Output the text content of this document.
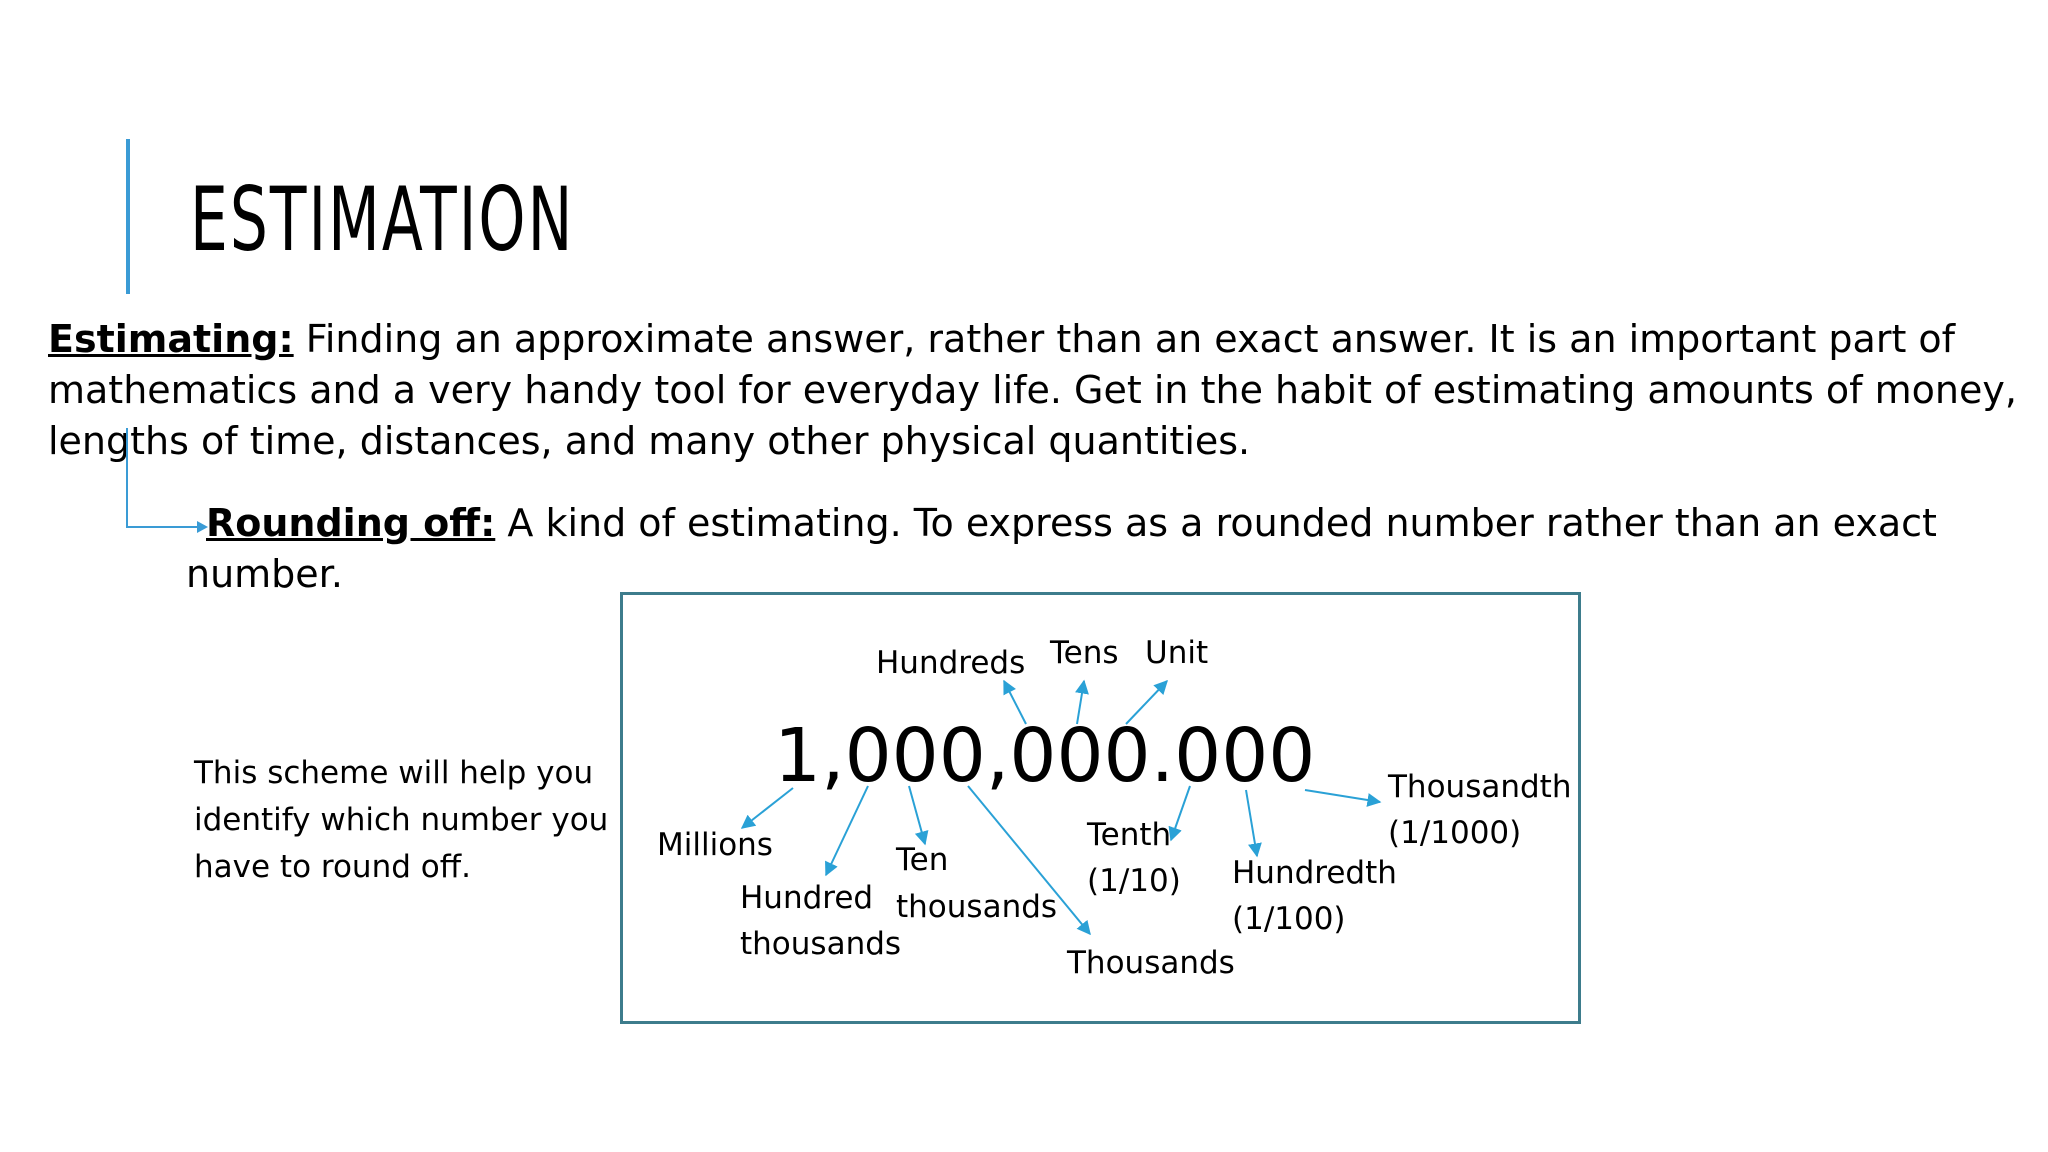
ESTIMATION

Estimating: Finding an approximate answer, rather than an exact answer. It is an important part of mathematics and a very handy tool for everyday life. Get in the habit of estimating amounts of money, lengths of time, distances, and many other physical quantities.

Rounding off: A kind of estimating. To express as a rounded number rather than an exact number.

This scheme will help you identify which number you have to round off.
1,000,000.000
Hundreds Tens Unit
Millions
Hundred
thousands
Ten
thousands
Thousands
Tenth
(1/10) Hundredth
(1/100)
Thousandth
(1/1000)
